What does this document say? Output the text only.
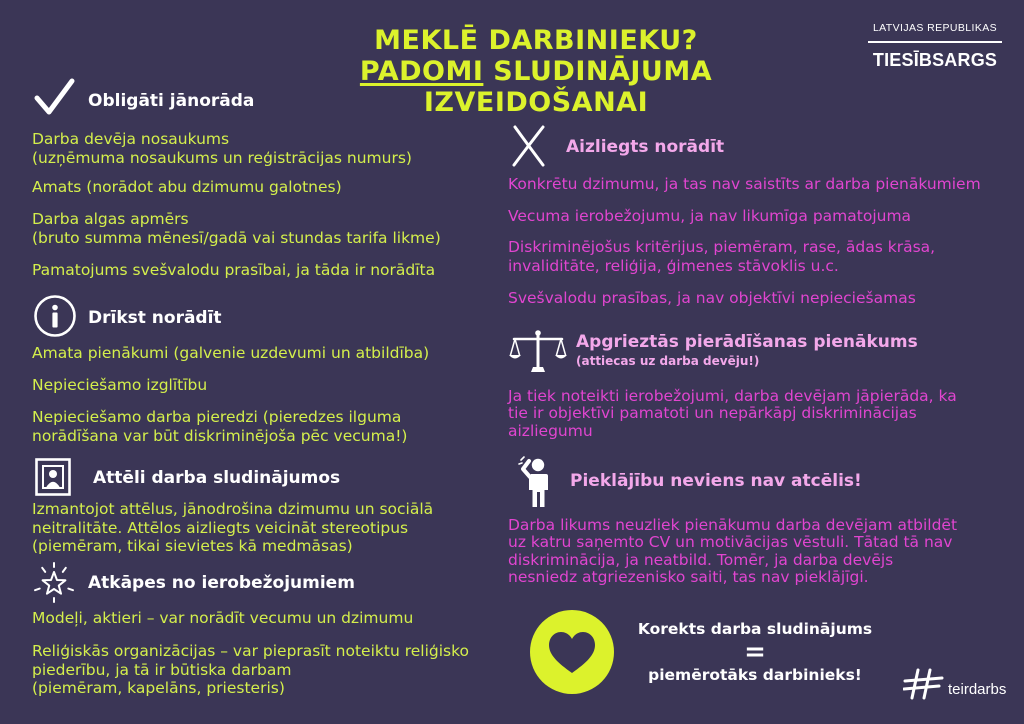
MEKLĒ DARBINIEKU?
PADOMI SLUDINĀJUMA
IZVEIDOŠANAI
LATVIJAS REPUBLIKAS
TIESĪBSARGS
Obligāti jānorāda
Darba devēja nosaukums
(uzņēmuma nosaukums un reģistrācijas numurs)
Amats (norādot abu dzimumu galotnes)
Darba algas apmērs
(bruto summa mēnesī/gadā vai stundas tarifa likme)
Pamatojums svešvalodu prasībai, ja tāda ir norādīta
Drīkst norādīt
Amata pienākumi (galvenie uzdevumi un atbildība)
Nepieciešamo izglītību
Nepieciešamo darba pieredzi (pieredzes ilguma
norādīšana var būt diskriminējoša pēc vecuma!)
Attēli darba sludinājumos
Izmantojot attēlus, jānodrošina dzimumu un sociālā
neitralitāte. Attēlos aizliegts veicināt stereotipus
(piemēram, tikai sievietes kā medmāsas)
Atkāpes no ierobežojumiem
Modeļi, aktieri – var norādīt vecumu un dzimumu
Reliģiskās organizācijas – var pieprasīt noteiktu reliģisko
piederību, ja tā ir būtiska darbam
(piemēram, kapelāns, priesteris)
Aizliegts norādīt
Konkrētu dzimumu, ja tas nav saistīts ar darba pienākumiem
Vecuma ierobežojumu, ja nav likumīga pamatojuma
Diskriminējošus kritērijus, piemēram, rase, ādas krāsa,
invaliditāte, reliģija, ģimenes stāvoklis u.c.
Svešvalodu prasības, ja nav objektīvi nepieciešamas
Apgrieztās pierādīšanas pienākums
(attiecas uz darba devēju!)
Ja tiek noteikti ierobežojumi, darba devējam jāpierāda, ka
tie ir objektīvi pamatoti un nepārkāpj diskriminācijas
aizliegumu
Pieklājību neviens nav atcēlis!
Darba likums neuzliek pienākumu darba devējam atbildēt
uz katru saņemto CV un motivācijas vēstuli. Tātad tā nav
diskriminācija, ja neatbild. Tomēr, ja darba devējs
nesniedz atgriezenisko saiti, tas nav pieklājīgi.
Korekts darba sludinājums
=
piemērotāks darbinieks!
teirdarbs
